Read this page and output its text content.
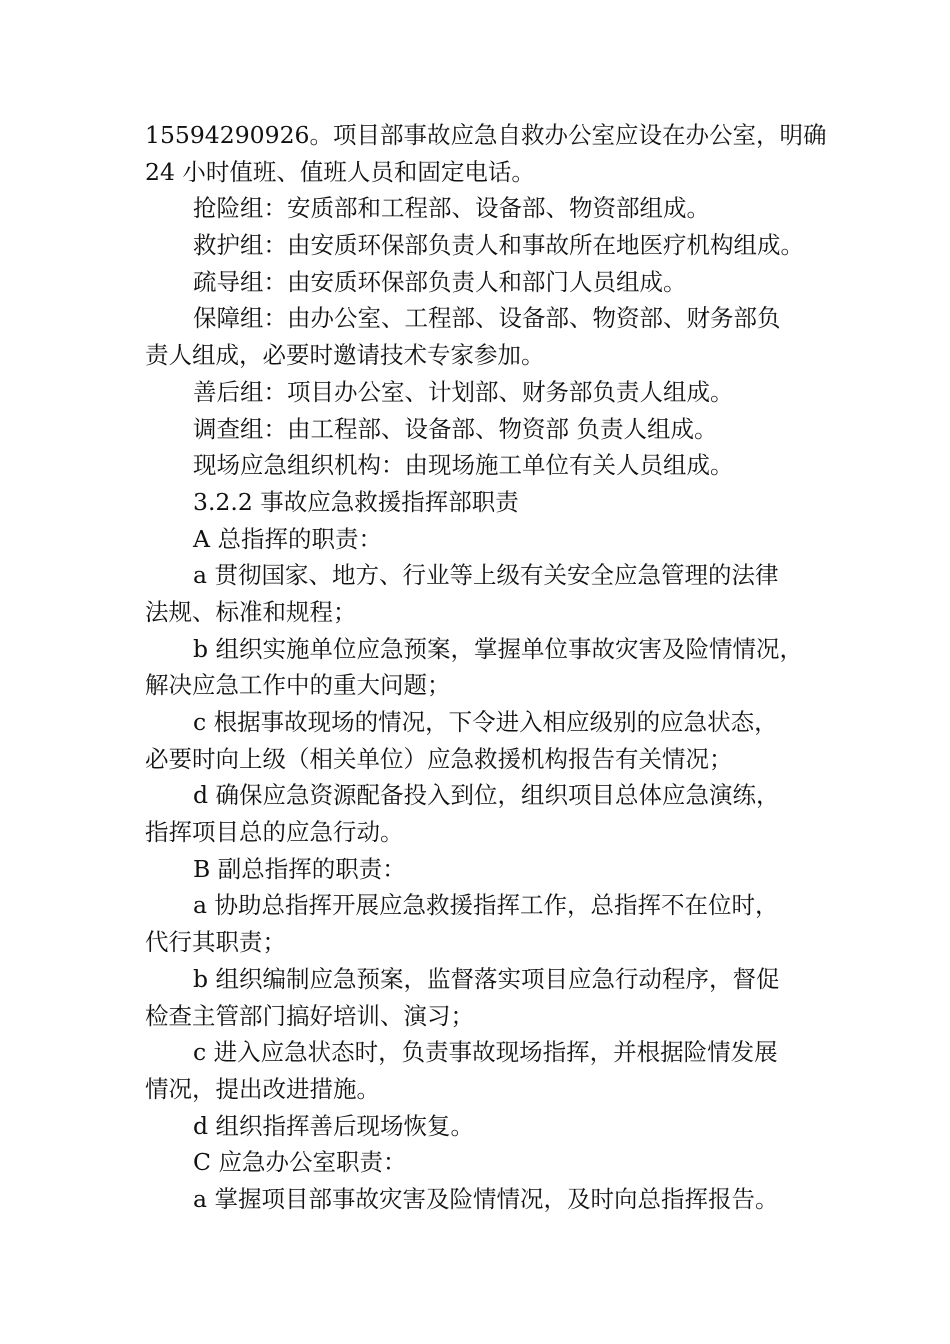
15594290926。项目部事故应急自救办公室应设在办公室，明确
24 小时值班、值班人员和固定电话。
抢险组：安质部和工程部、设备部、物资部组成。
救护组：由安质环保部负责人和事故所在地医疗机构组成。
疏导组：由安质环保部负责人和部门人员组成。
保障组：由办公室、工程部、设备部、物资部、财务部负
责人组成，必要时邀请技术专家参加。
善后组：项目办公室、计划部、财务部负责人组成。
调查组：由工程部、设备部、物资部 负责人组成。
现场应急组织机构：由现场施工单位有关人员组成。
3.2.2 事故应急救援指挥部职责
A 总指挥的职责：
a 贯彻国家、地方、行业等上级有关安全应急管理的法律
法规、标准和规程；
b 组织实施单位应急预案，掌握单位事故灾害及险情情况，
解决应急工作中的重大问题；
c 根据事故现场的情况，下令进入相应级别的应急状态，
必要时向上级（相关单位）应急救援机构报告有关情况；
d 确保应急资源配备投入到位，组织项目总体应急演练，
指挥项目总的应急行动。
B 副总指挥的职责：
a 协助总指挥开展应急救援指挥工作，总指挥不在位时，
代行其职责；
b 组织编制应急预案，监督落实项目应急行动程序，督促
检查主管部门搞好培训、演习；
c 进入应急状态时，负责事故现场指挥，并根据险情发展
情况，提出改进措施。
d 组织指挥善后现场恢复。
C 应急办公室职责：
a 掌握项目部事故灾害及险情情况，及时向总指挥报告。
